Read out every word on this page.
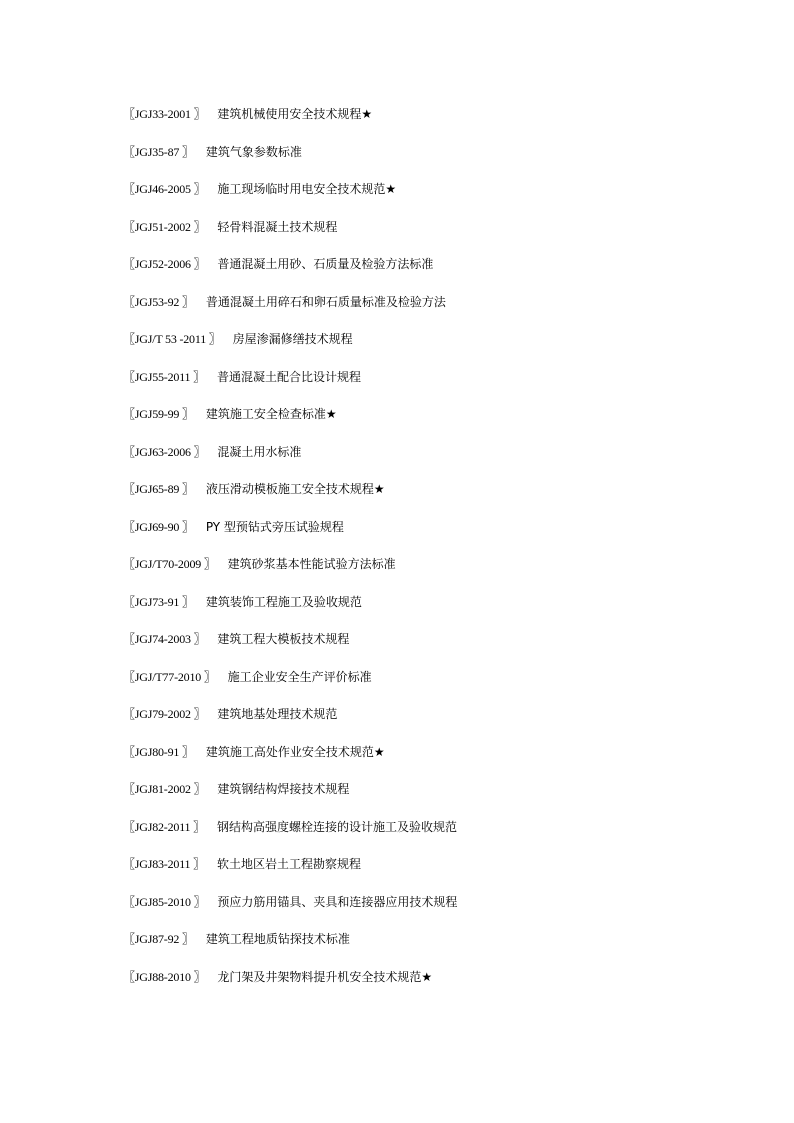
〖JGJ33-2001 〗 建筑机械使用安全技术规程★
〖JGJ35-87 〗 建筑气象参数标准
〖JGJ46-2005 〗 施工现场临时用电安全技术规范★
〖JGJ51-2002 〗 轻骨料混凝土技术规程
〖JGJ52-2006 〗 普通混凝土用砂、石质量及检验方法标准
〖JGJ53-92 〗 普通混凝土用碎石和卵石质量标准及检验方法
〖JGJ/T 53 -2011 〗 房屋渗漏修缮技术规程
〖JGJ55-2011 〗 普通混凝土配合比设计规程
〖JGJ59-99 〗 建筑施工安全检查标准★
〖JGJ63-2006 〗 混凝土用水标准
〖JGJ65-89 〗 液压滑动模板施工安全技术规程★
〖JGJ69-90 〗 PY 型预钻式旁压试验规程
〖JGJ/T70-2009 〗 建筑砂浆基本性能试验方法标准
〖JGJ73-91 〗 建筑装饰工程施工及验收规范
〖JGJ74-2003 〗 建筑工程大模板技术规程
〖JGJ/T77-2010 〗 施工企业安全生产评价标准
〖JGJ79-2002 〗 建筑地基处理技术规范
〖JGJ80-91 〗 建筑施工高处作业安全技术规范★
〖JGJ81-2002 〗 建筑钢结构焊接技术规程
〖JGJ82-2011 〗 钢结构高强度螺栓连接的设计施工及验收规范
〖JGJ83-2011 〗 软土地区岩土工程勘察规程
〖JGJ85-2010 〗 预应力筋用锚具、夹具和连接器应用技术规程
〖JGJ87-92 〗 建筑工程地质钻探技术标准
〖JGJ88-2010 〗 龙门架及井架物料提升机安全技术规范★
